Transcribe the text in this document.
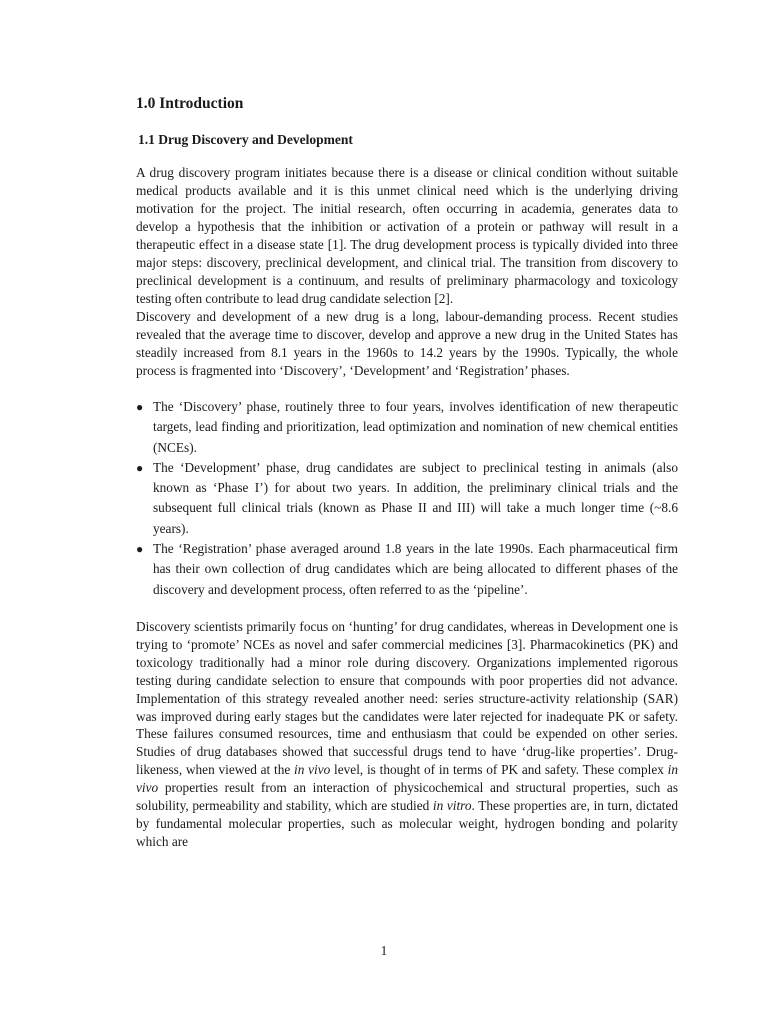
1.0 Introduction
1.1 Drug Discovery and Development

A drug discovery program initiates because there is a disease or clinical condition without suitable medical products available and it is this unmet clinical need which is the underlying driving motivation for the project. The initial research, often occurring in academia, generates data to develop a hypothesis that the inhibition or activation of a protein or pathway will result in a therapeutic effect in a disease state [1]. The drug development process is typically divided into three major steps: discovery, preclinical development, and clinical trial. The transition from discovery to preclinical development is a continuum, and results of preliminary pharmacology and toxicology testing often contribute to lead drug candidate selection [2].

Discovery and development of a new drug is a long, labour-demanding process. Recent studies revealed that the average time to discover, develop and approve a new drug in the United States has steadily increased from 8.1 years in the 1960s to 14.2 years by the 1990s. Typically, the whole process is fragmented into ‘Discovery’, ‘Development’ and ‘Registration’ phases.

● The ‘Discovery’ phase, routinely three to four years, involves identification of new therapeutic targets, lead finding and prioritization, lead optimization and nomination of new chemical entities (NCEs).
● The ‘Development’ phase, drug candidates are subject to preclinical testing in animals (also known as ‘Phase I’) for about two years. In addition, the preliminary clinical trials and the subsequent full clinical trials (known as Phase II and III) will take a much longer time (~8.6 years).
● The ‘Registration’ phase averaged around 1.8 years in the late 1990s. Each pharmaceutical firm has their own collection of drug candidates which are being allocated to different phases of the discovery and development process, often referred to as the ‘pipeline’.

Discovery scientists primarily focus on ‘hunting’ for drug candidates, whereas in Development one is trying to ‘promote’ NCEs as novel and safer commercial medicines [3]. Pharmacokinetics (PK) and toxicology traditionally had a minor role during discovery. Organizations implemented rigorous testing during candidate selection to ensure that compounds with poor properties did not advance. Implementation of this strategy revealed another need: series structure-activity relationship (SAR) was improved during early stages but the candidates were later rejected for inadequate PK or safety. These failures consumed resources, time and enthusiasm that could be expended on other series. Studies of drug databases showed that successful drugs tend to have ‘drug-like properties’. Drug-likeness, when viewed at the in vivo level, is thought of in terms of PK and safety. These complex in vivo properties result from an interaction of physicochemical and structural properties, such as solubility, permeability and stability, which are studied in vitro. These properties are, in turn, dictated by fundamental molecular properties, such as molecular weight, hydrogen bonding and polarity which are

1
